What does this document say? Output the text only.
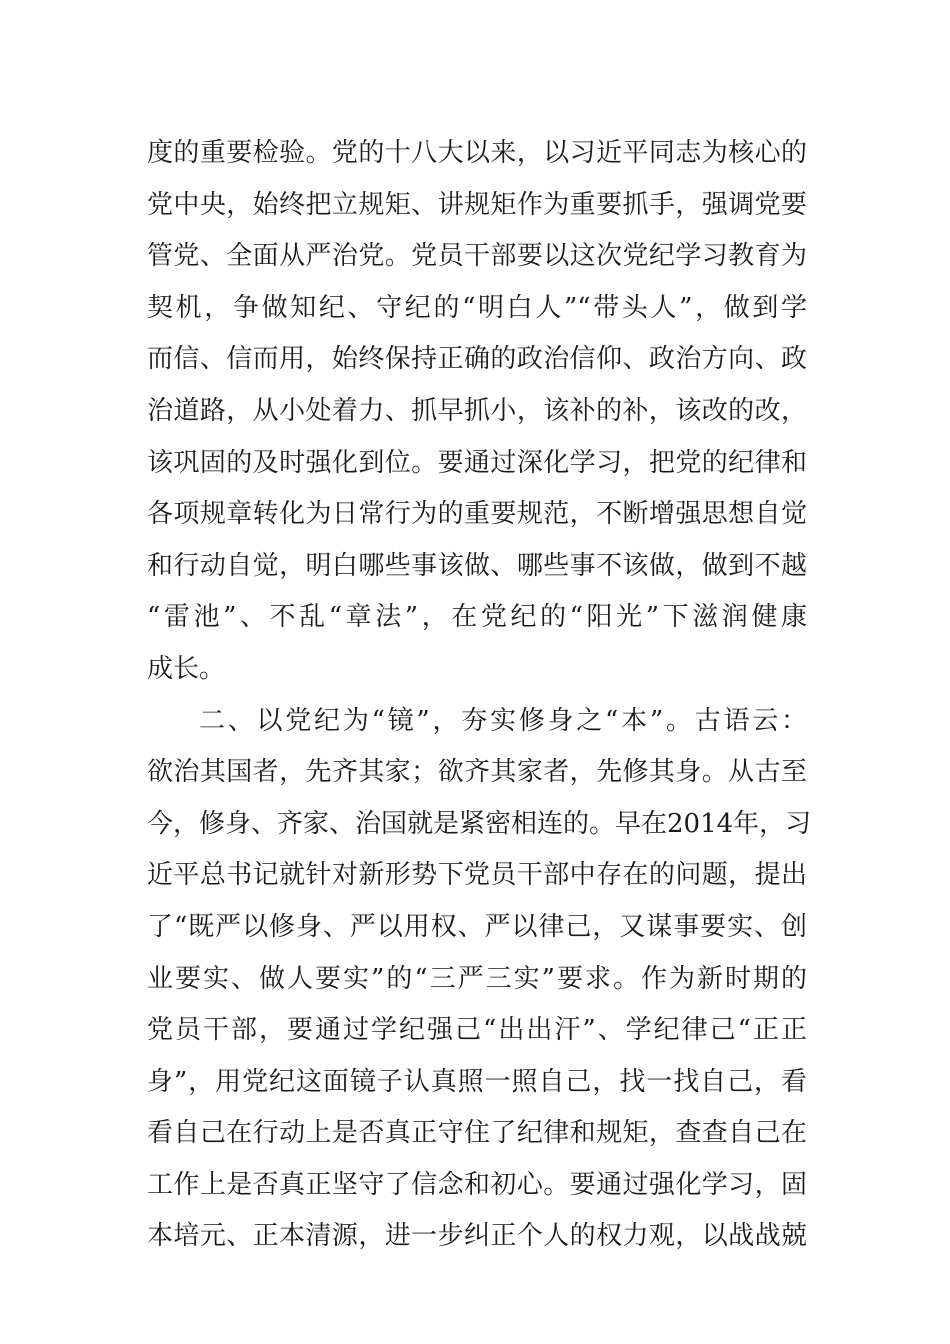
度的重要检验。党的十八大以来，以习近平同志为核心的
党中央，始终把立规矩、讲规矩作为重要抓手，强调党要
管党、全面从严治党。党员干部要以这次党纪学习教育为
契机，争做知纪、守纪的“明白人”“带头人”，做到学
而信、信而用，始终保持正确的政治信仰、政治方向、政
治道路，从小处着力、抓早抓小，该补的补，该改的改，
该巩固的及时强化到位。要通过深化学习，把党的纪律和
各项规章转化为日常行为的重要规范，不断增强思想自觉
和行动自觉，明白哪些事该做、哪些事不该做，做到不越
“雷池”、不乱“章法”，在党纪的“阳光”下滋润健康
成长。
二、以党纪为“镜”，夯实修身之“本”。古语云：
欲治其国者，先齐其家；欲齐其家者，先修其身。从古至
今，修身、齐家、治国就是紧密相连的。早在2014年，习
近平总书记就针对新形势下党员干部中存在的问题，提出
了“既严以修身、严以用权、严以律己，又谋事要实、创
业要实、做人要实”的“三严三实”要求。作为新时期的
党员干部，要通过学纪强己“出出汗”、学纪律己“正正
身”，用党纪这面镜子认真照一照自己，找一找自己，看
看自己在行动上是否真正守住了纪律和规矩，查查自己在
工作上是否真正坚守了信念和初心。要通过强化学习，固
本培元、正本清源，进一步纠正个人的权力观，以战战兢
